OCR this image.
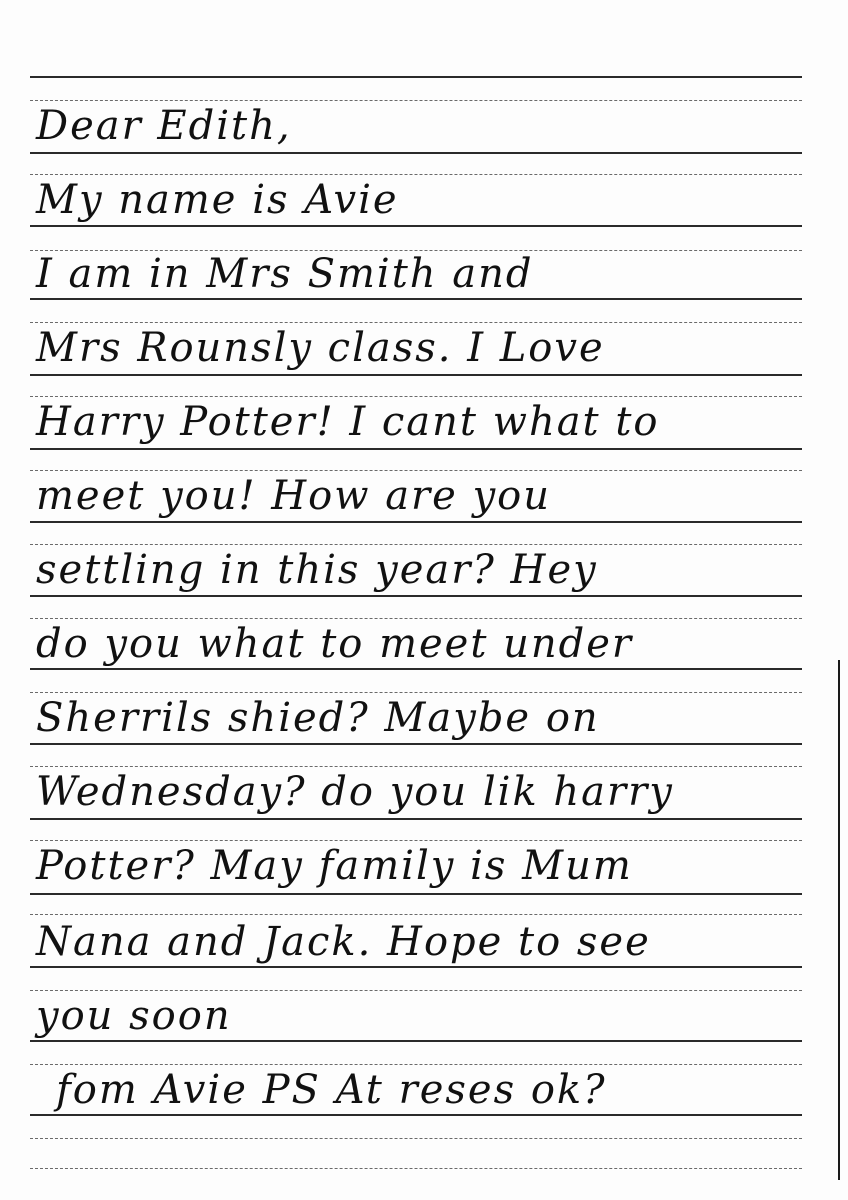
Dear Edith,
My name is Avie
I am in Mrs Smith and
Mrs Rounsly class. I Love
Harry Potter! I cant what to
meet you! How are you
settling in this year? Hey
do you what to meet under
Sherrils shied? Maybe on
Wednesday? do you lik harry
Potter? May family is Mum
Nana and Jack. Hope to see
you soon
fom Avie PS At reses ok?
